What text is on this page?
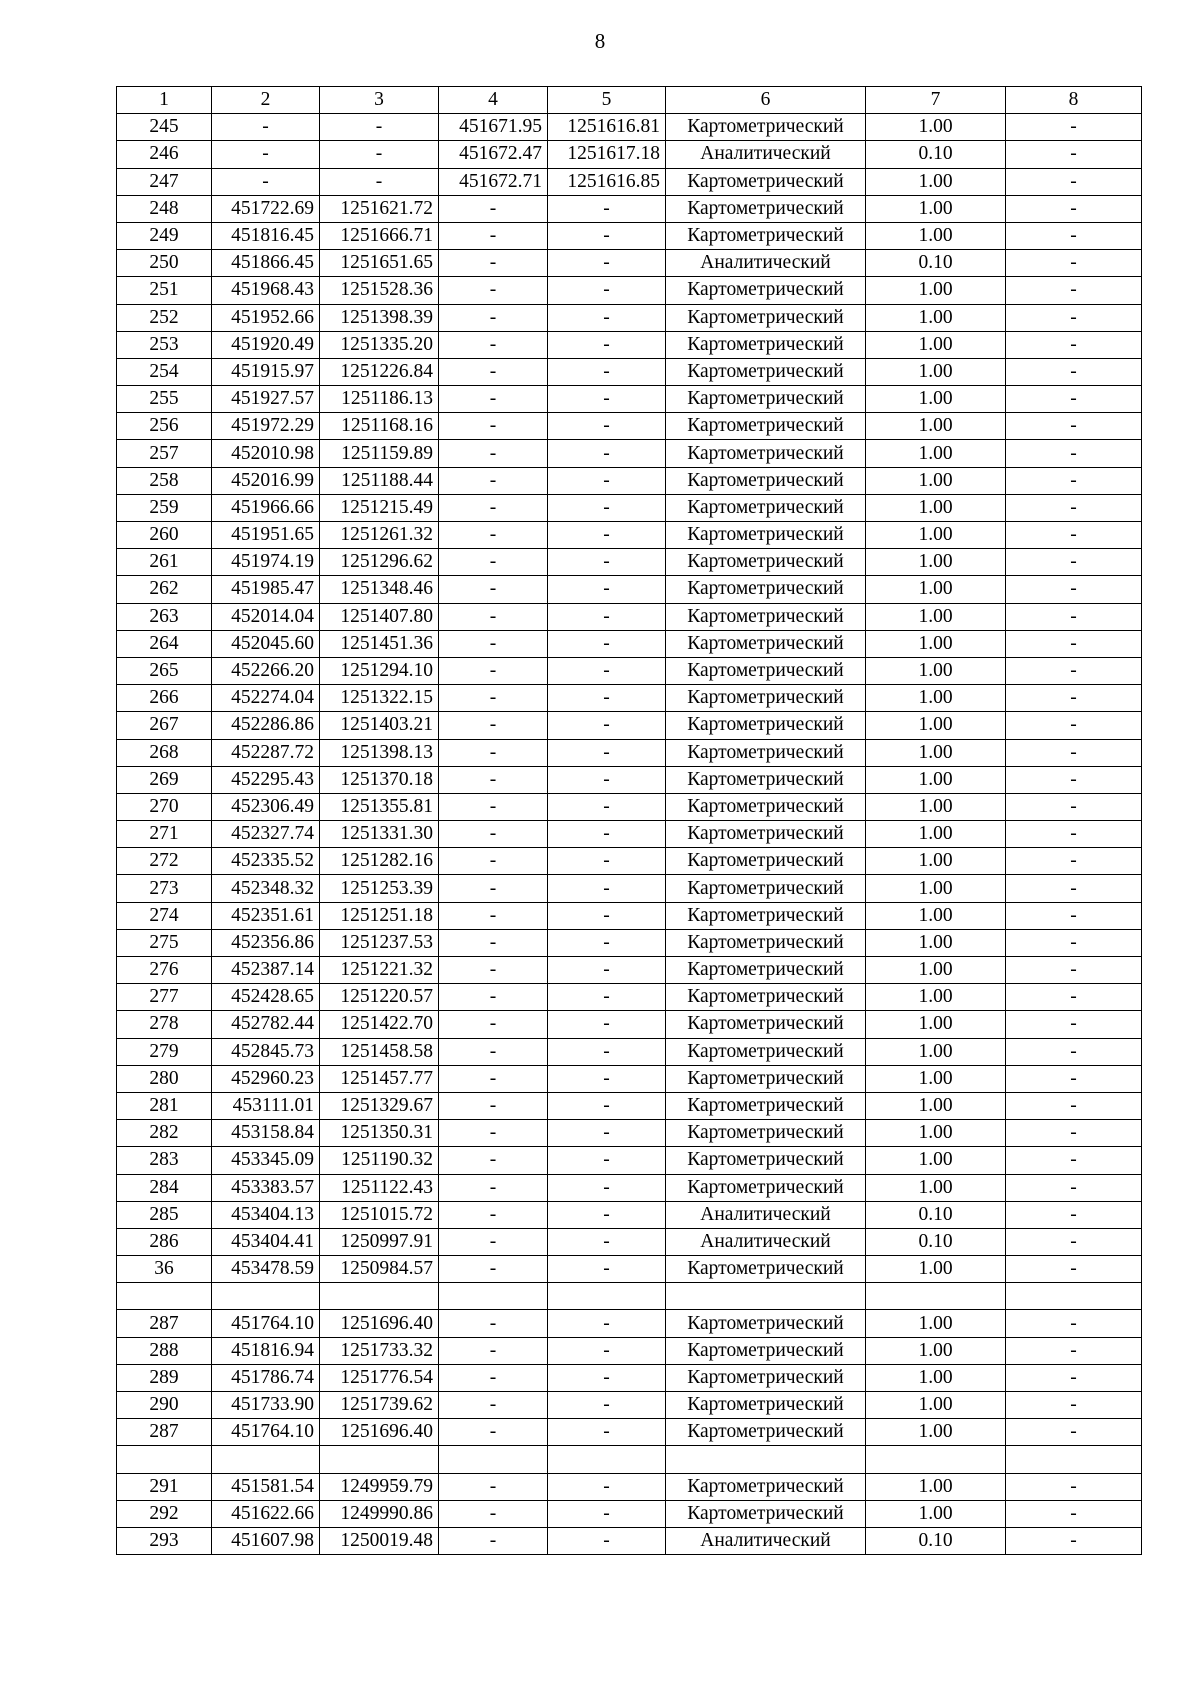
8
1	2	3	4	5	6	7	8
245	-	-	451671.95	1251616.81	Картометрический	1.00	-
246	-	-	451672.47	1251617.18	Аналитический	0.10	-
247	-	-	451672.71	1251616.85	Картометрический	1.00	-
248	451722.69	1251621.72	-	-	Картометрический	1.00	-
249	451816.45	1251666.71	-	-	Картометрический	1.00	-
250	451866.45	1251651.65	-	-	Аналитический	0.10	-
251	451968.43	1251528.36	-	-	Картометрический	1.00	-
252	451952.66	1251398.39	-	-	Картометрический	1.00	-
253	451920.49	1251335.20	-	-	Картометрический	1.00	-
254	451915.97	1251226.84	-	-	Картометрический	1.00	-
255	451927.57	1251186.13	-	-	Картометрический	1.00	-
256	451972.29	1251168.16	-	-	Картометрический	1.00	-
257	452010.98	1251159.89	-	-	Картометрический	1.00	-
258	452016.99	1251188.44	-	-	Картометрический	1.00	-
259	451966.66	1251215.49	-	-	Картометрический	1.00	-
260	451951.65	1251261.32	-	-	Картометрический	1.00	-
261	451974.19	1251296.62	-	-	Картометрический	1.00	-
262	451985.47	1251348.46	-	-	Картометрический	1.00	-
263	452014.04	1251407.80	-	-	Картометрический	1.00	-
264	452045.60	1251451.36	-	-	Картометрический	1.00	-
265	452266.20	1251294.10	-	-	Картометрический	1.00	-
266	452274.04	1251322.15	-	-	Картометрический	1.00	-
267	452286.86	1251403.21	-	-	Картометрический	1.00	-
268	452287.72	1251398.13	-	-	Картометрический	1.00	-
269	452295.43	1251370.18	-	-	Картометрический	1.00	-
270	452306.49	1251355.81	-	-	Картометрический	1.00	-
271	452327.74	1251331.30	-	-	Картометрический	1.00	-
272	452335.52	1251282.16	-	-	Картометрический	1.00	-
273	452348.32	1251253.39	-	-	Картометрический	1.00	-
274	452351.61	1251251.18	-	-	Картометрический	1.00	-
275	452356.86	1251237.53	-	-	Картометрический	1.00	-
276	452387.14	1251221.32	-	-	Картометрический	1.00	-
277	452428.65	1251220.57	-	-	Картометрический	1.00	-
278	452782.44	1251422.70	-	-	Картометрический	1.00	-
279	452845.73	1251458.58	-	-	Картометрический	1.00	-
280	452960.23	1251457.77	-	-	Картометрический	1.00	-
281	453111.01	1251329.67	-	-	Картометрический	1.00	-
282	453158.84	1251350.31	-	-	Картометрический	1.00	-
283	453345.09	1251190.32	-	-	Картометрический	1.00	-
284	453383.57	1251122.43	-	-	Картометрический	1.00	-
285	453404.13	1251015.72	-	-	Аналитический	0.10	-
286	453404.41	1250997.91	-	-	Аналитический	0.10	-
36	453478.59	1250984.57	-	-	Картометрический	1.00	-

287	451764.10	1251696.40	-	-	Картометрический	1.00	-
288	451816.94	1251733.32	-	-	Картометрический	1.00	-
289	451786.74	1251776.54	-	-	Картометрический	1.00	-
290	451733.90	1251739.62	-	-	Картометрический	1.00	-
287	451764.10	1251696.40	-	-	Картометрический	1.00	-

291	451581.54	1249959.79	-	-	Картометрический	1.00	-
292	451622.66	1249990.86	-	-	Картометрический	1.00	-
293	451607.98	1250019.48	-	-	Аналитический	0.10	-
